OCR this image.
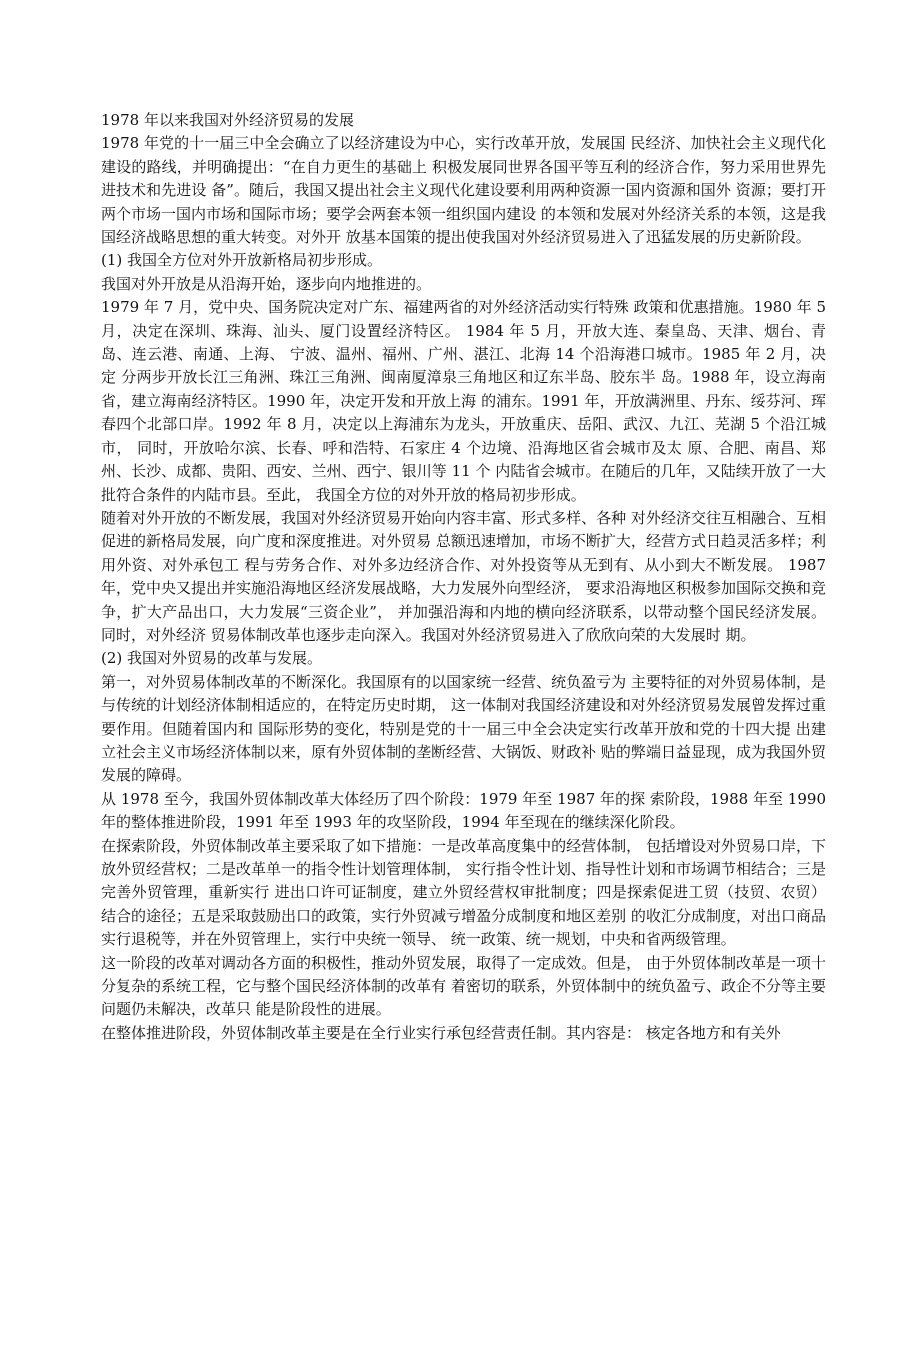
1978 年以来我国对外经济贸易的发展

1978 年党的十一届三中全会确立了以经济建设为中心，实行改革开放，发展国 民经济、加快社会主义现代化建设的路线，并明确提出：“在自力更生的基础上 积极发展同世界各国平等互利的经济合作，努力采用世界先进技术和先进设 备”。随后，我国又提出社会主义现代化建设要利用两种资源一国内资源和国外 资源；要打开两个市场一国内市场和国际市场；要学会两套本领一组织国内建设 的本领和发展对外经济关系的本领，这是我国经济战略思想的重大转变。对外开 放基本国策的提出使我国对外经济贸易进入了迅猛发展的历史新阶段。

(1) 我国全方位对外开放新格局初步形成。

我国对外开放是从沿海开始，逐步向内地推进的。

1979 年 7 月，党中央、国务院决定对广东、福建两省的对外经济活动实行特殊 政策和优惠措施。1980 年 5 月，决定在深圳、珠海、汕头、厦门设置经济特区。 1984 年 5 月，开放大连、秦皇岛、天津、烟台、青岛、连云港、南通、上海、 宁波、温州、福州、广州、湛江、北海 14 个沿海港口城市。1985 年 2 月，决定 分两步开放长江三角洲、珠江三角洲、闽南厦漳泉三角地区和辽东半岛、胶东半 岛。1988 年，设立海南省，建立海南经济特区。1990 年，决定开发和开放上海 的浦东。1991 年，开放满洲里、丹东、绥芬河、珲春四个北部口岸。1992 年 8 月，决定以上海浦东为龙头，开放重庆、岳阳、武汉、九江、芜湖 5 个沿江城市， 同时，开放哈尔滨、长春、呼和浩特、石家庄 4 个边境、沿海地区省会城市及太 原、合肥、南昌、郑州、长沙、成都、贵阳、西安、兰州、西宁、银川等 11 个 内陆省会城市。在随后的几年，又陆续开放了一大批符合条件的内陆市县。至此， 我国全方位的对外开放的格局初步形成。

随着对外开放的不断发展，我国对外经济贸易开始向内容丰富、形式多样、各种 对外经济交往互相融合、互相促进的新格局发展，向广度和深度推进。对外贸易 总额迅速增加，市场不断扩大，经营方式日趋灵活多样；利用外资、对外承包工 程与劳务合作、对外多边经济合作、对外投资等从无到有、从小到大不断发展。 1987 年，党中央又提出并实施沿海地区经济发展战略，大力发展外向型经济， 要求沿海地区积极参加国际交换和竞争，扩大产品出口，大力发展“三资企业”， 并加强沿海和内地的横向经济联系，以带动整个国民经济发展。同时，对外经济 贸易体制改革也逐步走向深入。我国对外经济贸易进入了欣欣向荣的大发展时 期。

(2) 我国对外贸易的改革与发展。

第一，对外贸易体制改革的不断深化。我国原有的以国家统一经营、统负盈亏为 主要特征的对外贸易体制，是与传统的计划经济体制相适应的，在特定历史时期， 这一体制对我国经济建设和对外经济贸易发展曾发挥过重要作用。但随着国内和 国际形势的变化，特别是党的十一届三中全会决定实行改革开放和党的十四大提 出建立社会主义市场经济体制以来，原有外贸体制的垄断经营、大锅饭、财政补 贴的弊端日益显现，成为我国外贸发展的障碍。

从 1978 至今，我国外贸体制改革大体经历了四个阶段：1979 年至 1987 年的探 索阶段，1988 年至 1990 年的整体推进阶段，1991 年至 1993 年的攻坚阶段，1994 年至现在的继续深化阶段。

在探索阶段，外贸体制改革主要采取了如下措施：一是改革高度集中的经营体制， 包括增设对外贸易口岸，下放外贸经营权；二是改革单一的指令性计划管理体制， 实行指令性计划、指导性计划和市场调节相结合；三是完善外贸管理，重新实行 进出口许可证制度，建立外贸经营权审批制度；四是探索促进工贸（技贸、农贸） 结合的途径；五是采取鼓励出口的政策，实行外贸减亏增盈分成制度和地区差别 的收汇分成制度，对出口商品实行退税等，并在外贸管理上，实行中央统一领导、 统一政策、统一规划，中央和省两级管理。

这一阶段的改革对调动各方面的积极性，推动外贸发展，取得了一定成效。但是， 由于外贸体制改革是一项十分复杂的系统工程，它与整个国民经济体制的改革有 着密切的联系，外贸体制中的统负盈亏、政企不分等主要问题仍未解决，改革只 能是阶段性的进展。

在整体推进阶段，外贸体制改革主要是在全行业实行承包经营责任制。其内容是： 核定各地方和有关外
